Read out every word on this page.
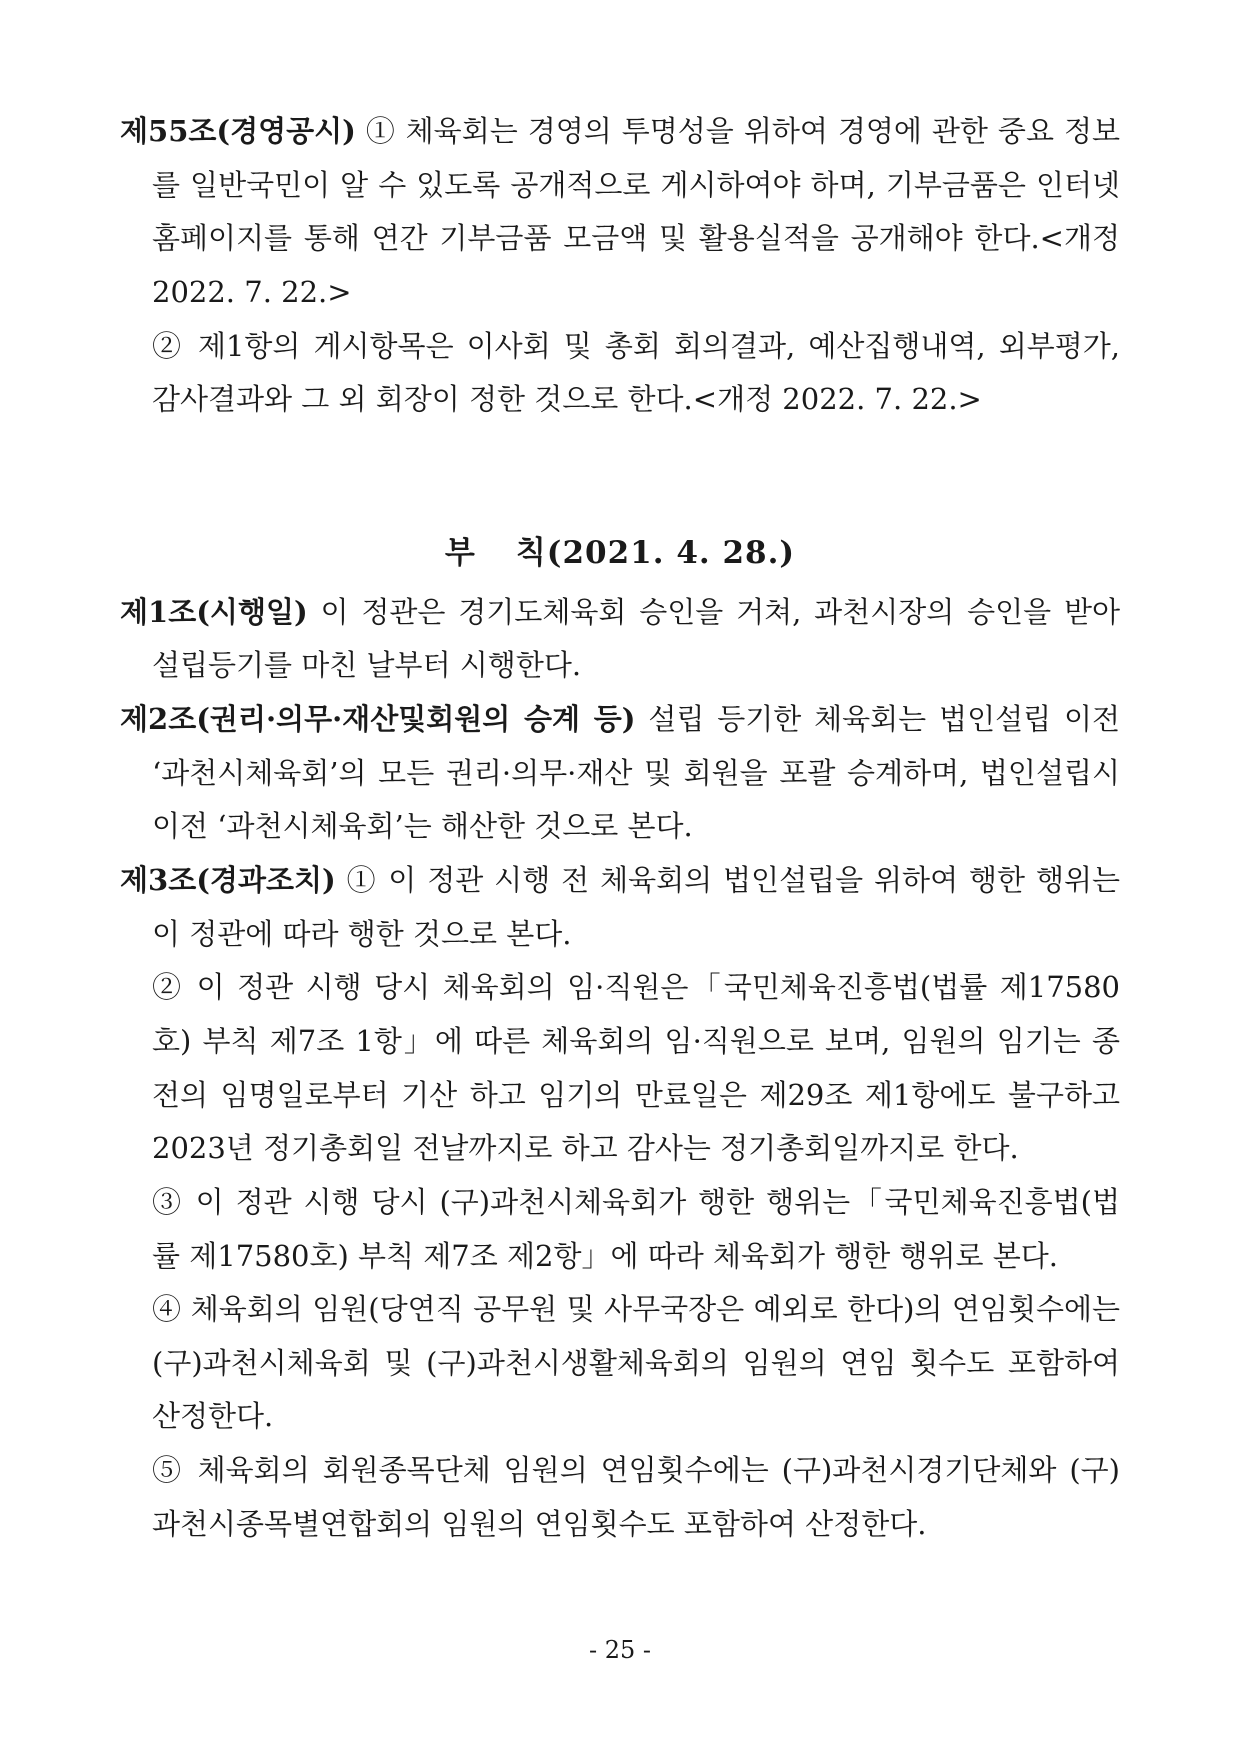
제55조(경영공시) ① 체육회는 경영의 투명성을 위하여 경영에 관한 중요 정보를 일반국민이 알 수 있도록 공개적으로 게시하여야 하며, 기부금품은 인터넷 홈페이지를 통해 연간 기부금품 모금액 및 활용실적을 공개해야 한다.<개정 2022. 7. 22.>

② 제1항의 게시항목은 이사회 및 총회 회의결과, 예산집행내역, 외부평가, 감사결과와 그 외 회장이 정한 것으로 한다.<개정 2022. 7. 22.>

부 칙(2021. 4. 28.)

제1조(시행일) 이 정관은 경기도체육회 승인을 거쳐, 과천시장의 승인을 받아 설립등기를 마친 날부터 시행한다.

제2조(권리·의무·재산및회원의 승계 등) 설립 등기한 체육회는 법인설립 이전 ‘과천시체육회’의 모든 권리·의무·재산 및 회원을 포괄 승계하며, 법인설립시 이전 ‘과천시체육회’는 해산한 것으로 본다.

제3조(경과조치) ① 이 정관 시행 전 체육회의 법인설립을 위하여 행한 행위는 이 정관에 따라 행한 것으로 본다.

② 이 정관 시행 당시 체육회의 임·직원은「국민체육진흥법(법률 제17580호) 부칙 제7조 1항」에 따른 체육회의 임·직원으로 보며, 임원의 임기는 종전의 임명일로부터 기산 하고 임기의 만료일은 제29조 제1항에도 불구하고 2023년 정기총회일 전날까지로 하고 감사는 정기총회일까지로 한다.

③ 이 정관 시행 당시 (구)과천시체육회가 행한 행위는「국민체육진흥법(법률 제17580호) 부칙 제7조 제2항」에 따라 체육회가 행한 행위로 본다.

④ 체육회의 임원(당연직 공무원 및 사무국장은 예외로 한다)의 연임횟수에는 (구)과천시체육회 및 (구)과천시생활체육회의 임원의 연임 횟수도 포함하여 산정한다.

⑤ 체육회의 회원종목단체 임원의 연임횟수에는 (구)과천시경기단체와 (구)과천시종목별연합회의 임원의 연임횟수도 포함하여 산정한다.

- 25 -
